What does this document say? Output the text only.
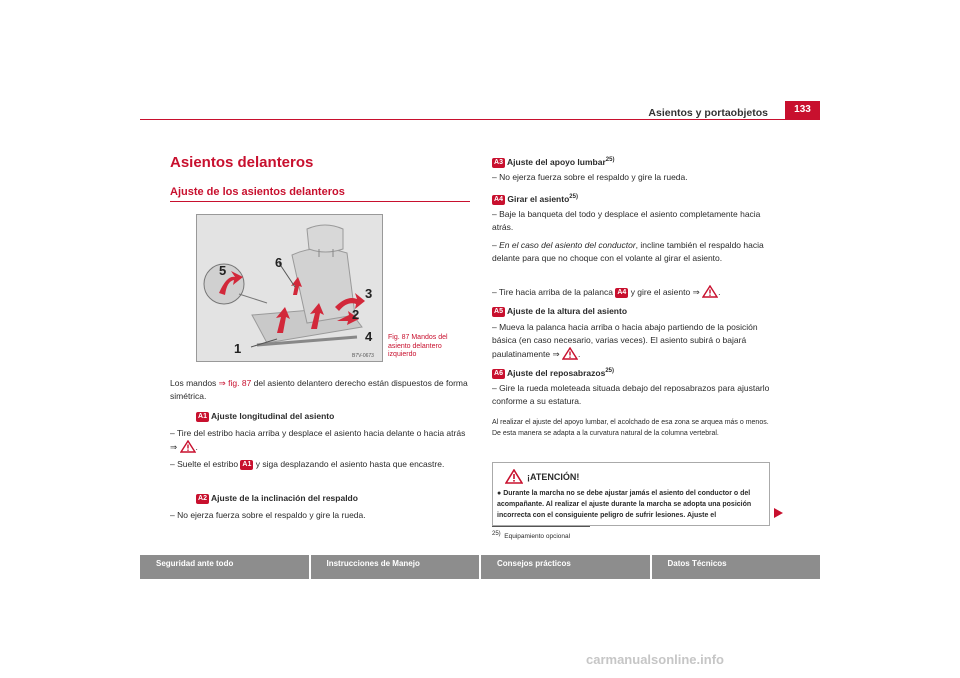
Asientos y portaobjetos	133
Asientos delanteros
Ajuste de los asientos delanteros
1
2
3
4
5
6
B7V-0673
Fig. 87 Mandos del asiento delantero izquierdo
Los mandos ⇒ fig. 87 del asiento delantero derecho están dispuestos de forma simétrica.
A1 Ajuste longitudinal del asiento
– Tire del estribo hacia arriba y desplace el asiento hacia delante o hacia atrás ⇒ .
– Suelte el estribo A1 y siga desplazando el asiento hasta que encastre.
A2 Ajuste de la inclinación del respaldo
– No ejerza fuerza sobre el respaldo y gire la rueda.
A3 Ajuste del apoyo lumbar$^{25)}$
– No ejerza fuerza sobre el respaldo y gire la rueda.
A4 Girar el asiento$^{25)}$
– Baje la banqueta del todo y desplace el asiento completamente hacia atrás.
– En el caso del asiento del conductor, incline también el respaldo hacia delante para que no choque con el volante al girar el asiento.
– Tire hacia arriba de la palanca A4 y gire el asiento ⇒ .
A5 Ajuste de la altura del asiento
– Mueva la palanca hacia arriba o hacia abajo partiendo de la posición básica (en caso necesario, varias veces). El asiento subirá o bajará paulatinamente ⇒ .
A6 Ajuste del reposabrazos$^{25)}$
– Gire la rueda moleteada situada debajo del reposabrazos para ajustarlo conforme a su estatura.
Al realizar el ajuste del apoyo lumbar, el acolchado de esa zona se arquea más o menos. De esta manera se adapta a la curvatura natural de la columna vertebral.
¡ATENCIÓN!
● Durante la marcha no se debe ajustar jamás el asiento del conductor o del acompañante. Al realizar el ajuste durante la marcha se adopta una posición incorrecta con el consiguiente peligro de sufrir lesiones. Ajuste el
$^{25)}$ Equipamiento opcional
Seguridad ante todo	Instrucciones de Manejo	Consejos prácticos	Datos Técnicos
carmanualsonline.info
